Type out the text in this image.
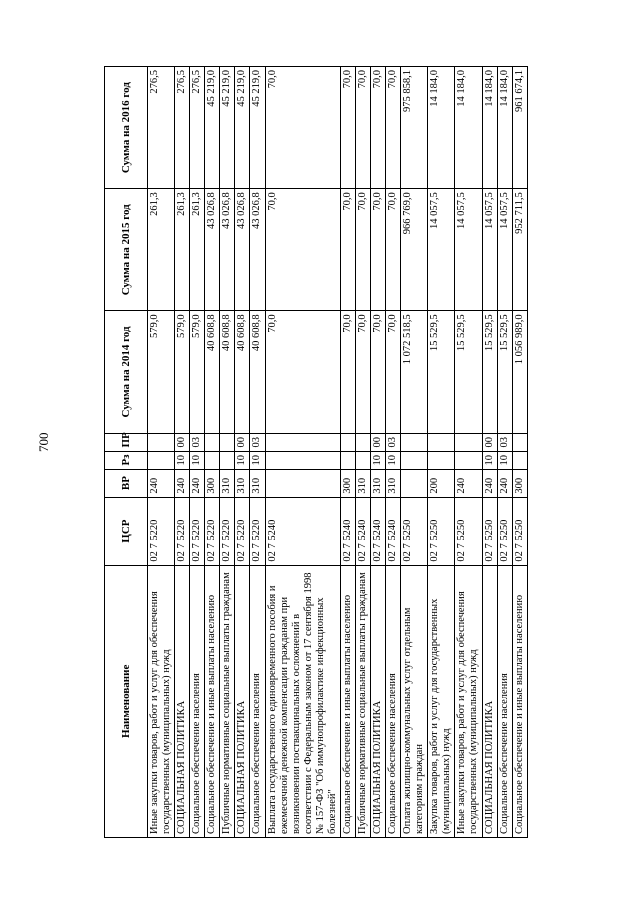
700
Наименование	ЦСР	ВР	Рз	ПР	Сумма на 2014 год	Сумма на 2015 год	Сумма на 2016 год
Иные закупки товаров, работ и услуг для обеспечения государственных (муниципальных) нужд	02 7 5220	240			579,0	261,3	276,5
СОЦИАЛЬНАЯ ПОЛИТИКА	02 7 5220	240	10	00	579,0	261,3	276,5
Социальное обеспечение населения	02 7 5220	240	10	03	579,0	261,3	276,5
Социальное обеспечение и иные выплаты населению	02 7 5220	300			40 608,8	43 026,8	45 219,0
Публичные нормативные социальные выплаты гражданам	02 7 5220	310			40 608,8	43 026,8	45 219,0
СОЦИАЛЬНАЯ ПОЛИТИКА	02 7 5220	310	10	00	40 608,8	43 026,8	45 219,0
Социальное обеспечение населения	02 7 5220	310	10	03	40 608,8	43 026,8	45 219,0
Выплата государственного единовременного пособия и ежемесячной денежной компенсации гражданам при возникновении поствакцинальных осложнений в соответствии с Федеральным законом от 17 сентября 1998 № 157-ФЗ "Об иммунопрофилактике инфекционных болезней"	02 7 5240				70,0	70,0	70,0
Социальное обеспечение и иные выплаты населению	02 7 5240	300			70,0	70,0	70,0
Публичные нормативные социальные выплаты гражданам	02 7 5240	310			70,0	70,0	70,0
СОЦИАЛЬНАЯ ПОЛИТИКА	02 7 5240	310	10	00	70,0	70,0	70,0
Социальное обеспечение населения	02 7 5240	310	10	03	70,0	70,0	70,0
Оплата жилищно-коммунальных услуг отдельным категориям граждан	02 7 5250				1 072 518,5	966 769,0	975 858,1
Закупка товаров, работ и услуг для государственных (муниципальных) нужд	02 7 5250	200			15 529,5	14 057,5	14 184,0
Иные закупки товаров, работ и услуг для обеспечения государственных (муниципальных) нужд	02 7 5250	240			15 529,5	14 057,5	14 184,0
СОЦИАЛЬНАЯ ПОЛИТИКА	02 7 5250	240	10	00	15 529,5	14 057,5	14 184,0
Социальное обеспечение населения	02 7 5250	240	10	03	15 529,5	14 057,5	14 184,0
Социальное обеспечение и иные выплаты населению	02 7 5250	300			1 056 989,0	952 711,5	961 674,1
